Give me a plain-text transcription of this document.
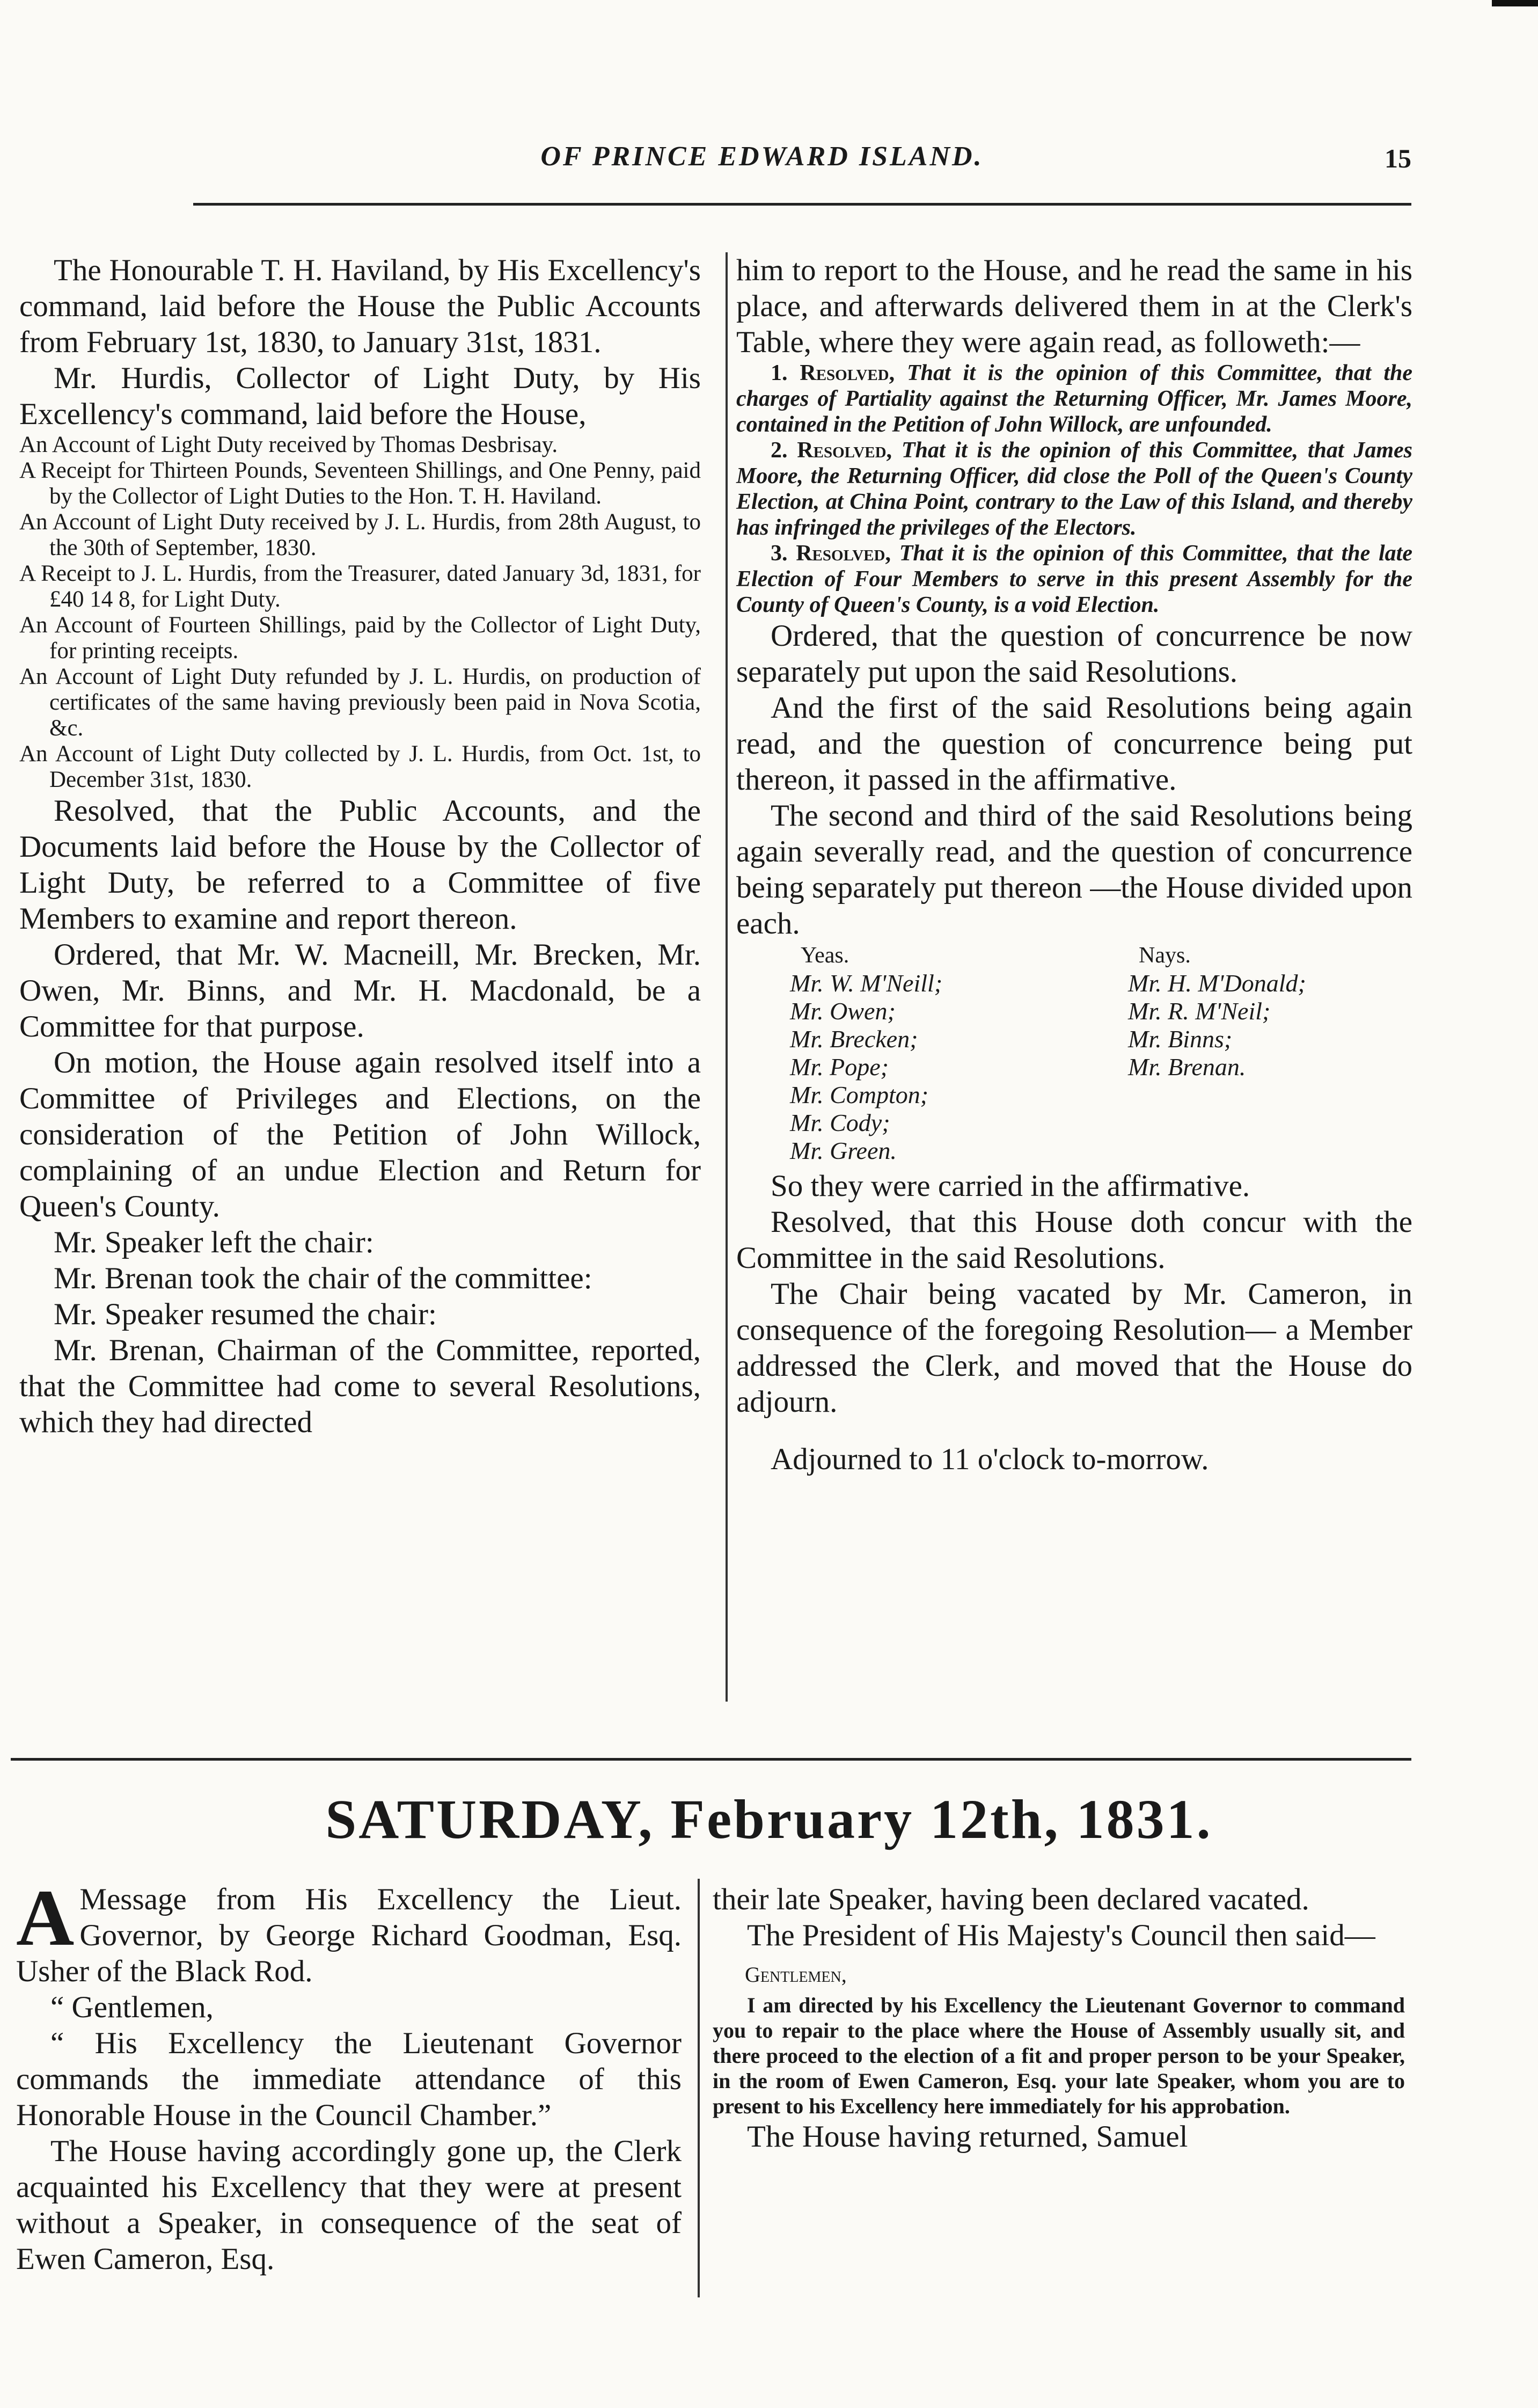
OF PRINCE EDWARD ISLAND.	15

The Honourable T. H. Haviland, by His Excellency's command, laid before the House the Public Accounts from February 1st, 1830, to January 31st, 1831.

Mr. Hurdis, Collector of Light Duty, by His Excellency's command, laid before the House,

An Account of Light Duty received by Thomas Desbrisay.

A Receipt for Thirteen Pounds, Seventeen Shillings, and One Penny, paid by the Collector of Light Duties to the Hon. T. H. Haviland.

An Account of Light Duty received by J. L. Hurdis, from 28th August, to the 30th of September, 1830.

A Receipt to J. L. Hurdis, from the Treasurer, dated January 3d, 1831, for £40 14 8, for Light Duty.

An Account of Fourteen Shillings, paid by the Collector of Light Duty, for printing receipts.

An Account of Light Duty refunded by J. L. Hurdis, on production of certificates of the same having previously been paid in Nova Scotia, &c.

An Account of Light Duty collected by J. L. Hurdis, from Oct. 1st, to December 31st, 1830.

Resolved, that the Public Accounts, and the Documents laid before the House by the Collector of Light Duty, be referred to a Committee of five Members to examine and report thereon.

Ordered, that Mr. W. Macneill, Mr. Brecken, Mr. Owen, Mr. Binns, and Mr. H. Macdonald, be a Committee for that purpose.

On motion, the House again resolved itself into a Committee of Privileges and Elections, on the consideration of the Petition of John Willock, complaining of an undue Election and Return for Queen's County.

Mr. Speaker left the chair:

Mr. Brenan took the chair of the committee:

Mr. Speaker resumed the chair:

Mr. Brenan, Chairman of the Committee, reported, that the Committee had come to several Resolutions, which they had directed

him to report to the House, and he read the same in his place, and afterwards delivered them in at the Clerk's Table, where they were again read, as followeth:—

1. Resolved, That it is the opinion of this Committee, that the charges of Partiality against the Returning Officer, Mr. James Moore, contained in the Petition of John Willock, are unfounded.

2. Resolved, That it is the opinion of this Committee, that James Moore, the Returning Officer, did close the Poll of the Queen's County Election, at China Point, contrary to the Law of this Island, and thereby has infringed the privileges of the Electors.

3. Resolved, That it is the opinion of this Committee, that the late Election of Four Members to serve in this present Assembly for the County of Queen's County, is a void Election.

Ordered, that the question of concurrence be now separately put upon the said Resolutions.

And the first of the said Resolutions being again read, and the question of concurrence being put thereon, it passed in the affirmative.

The second and third of the said Resolutions being again severally read, and the question of concurrence being separately put thereon —the House divided upon each.

Yeas.
Mr. W. M'Neill;
Mr. Owen;
Mr. Brecken;
Mr. Pope;
Mr. Compton;
Mr. Cody;
Mr. Green.
Nays.
Mr. H. M'Donald;
Mr. R. M'Neil;
Mr. Binns;
Mr. Brenan.

So they were carried in the affirmative.

Resolved, that this House doth concur with the Committee in the said Resolutions.

The Chair being vacated by Mr. Cameron, in consequence of the foregoing Resolution— a Member addressed the Clerk, and moved that the House do adjourn.

Adjourned to 11 o'clock to-morrow.

SATURDAY, February 12th, 1831.

A Message from His Excellency the Lieut. Governor, by George Richard Goodman, Esq. Usher of the Black Rod.

“ Gentlemen,

“ His Excellency the Lieutenant Governor commands the immediate attendance of this Honorable House in the Council Chamber.”

The House having accordingly gone up, the Clerk acquainted his Excellency that they were at present without a Speaker, in consequence of the seat of Ewen Cameron, Esq.

their late Speaker, having been declared vacated.

The President of His Majesty's Council then said—

Gentlemen,

I am directed by his Excellency the Lieutenant Governor to command you to repair to the place where the House of Assembly usually sit, and there proceed to the election of a fit and proper person to be your Speaker, in the room of Ewen Cameron, Esq. your late Speaker, whom you are to present to his Excellency here immediately for his approbation.

The House having returned, Samuel
